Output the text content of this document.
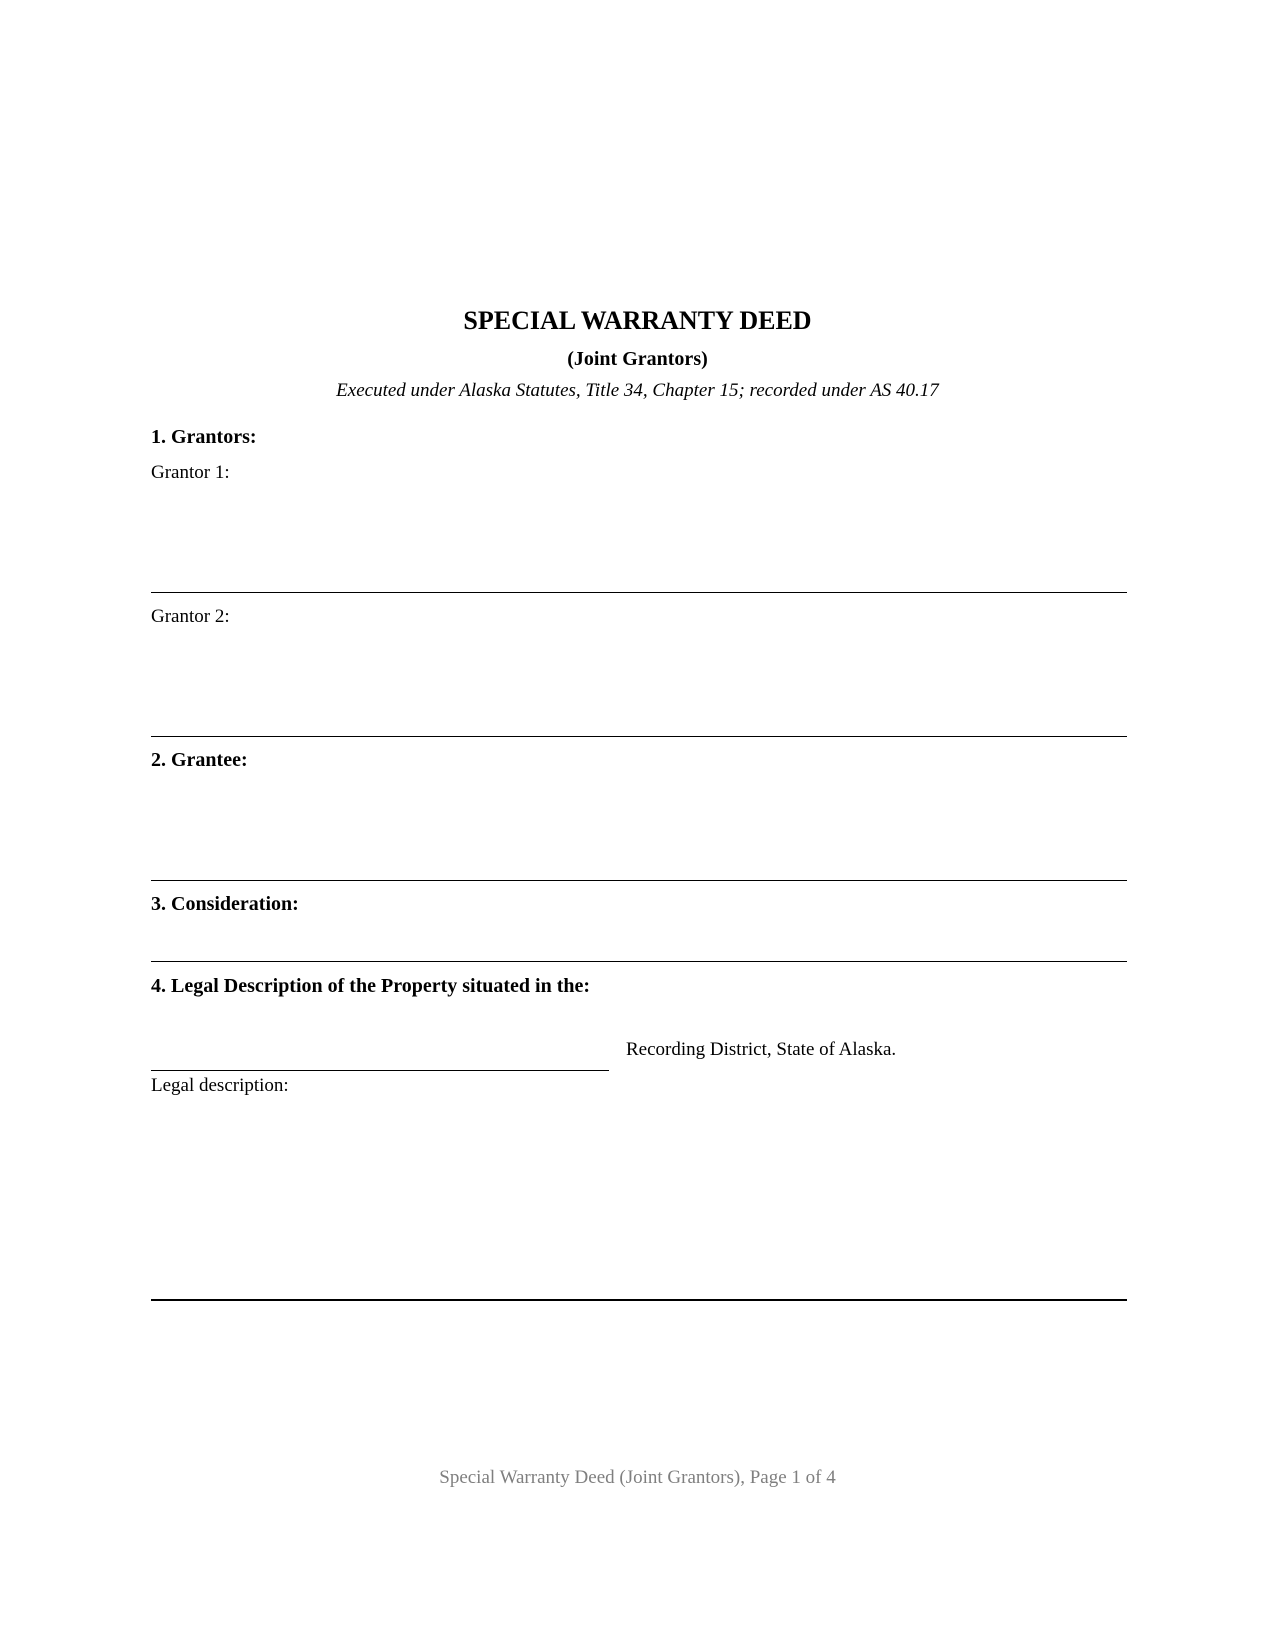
SPECIAL WARRANTY DEED
(Joint Grantors)
Executed under Alaska Statutes, Title 34, Chapter 15; recorded under AS 40.17
1. Grantors:
Grantor 1:
Grantor 2:
2. Grantee:
3. Consideration:
4. Legal Description of the Property situated in the:
Recording District, State of Alaska.
Legal description:
Special Warranty Deed (Joint Grantors), Page 1 of 4
